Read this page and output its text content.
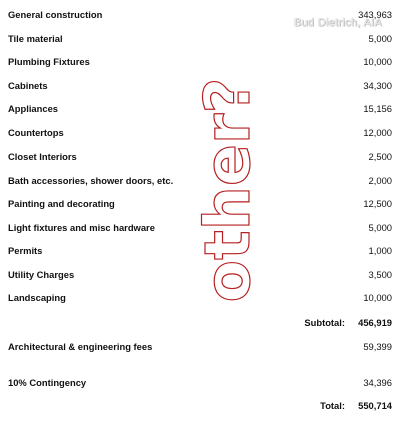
Bud Dietrich, AIA
General construction	343,963
Tile material	5,000
Plumbing Fixtures	10,000
Cabinets	34,300
Appliances	15,156
Countertops	12,000
Closet Interiors	2,500
Bath accessories, shower doors, etc.	2,000
Painting and decorating	12,500
Light fixtures and misc hardware	5,000
Permits	1,000
Utility Charges	3,500
Landscaping	10,000
Subtotal: 456,919
Architectural & engineering fees	59,399
10% Contingency	34,396
Total: 550,714
other?
